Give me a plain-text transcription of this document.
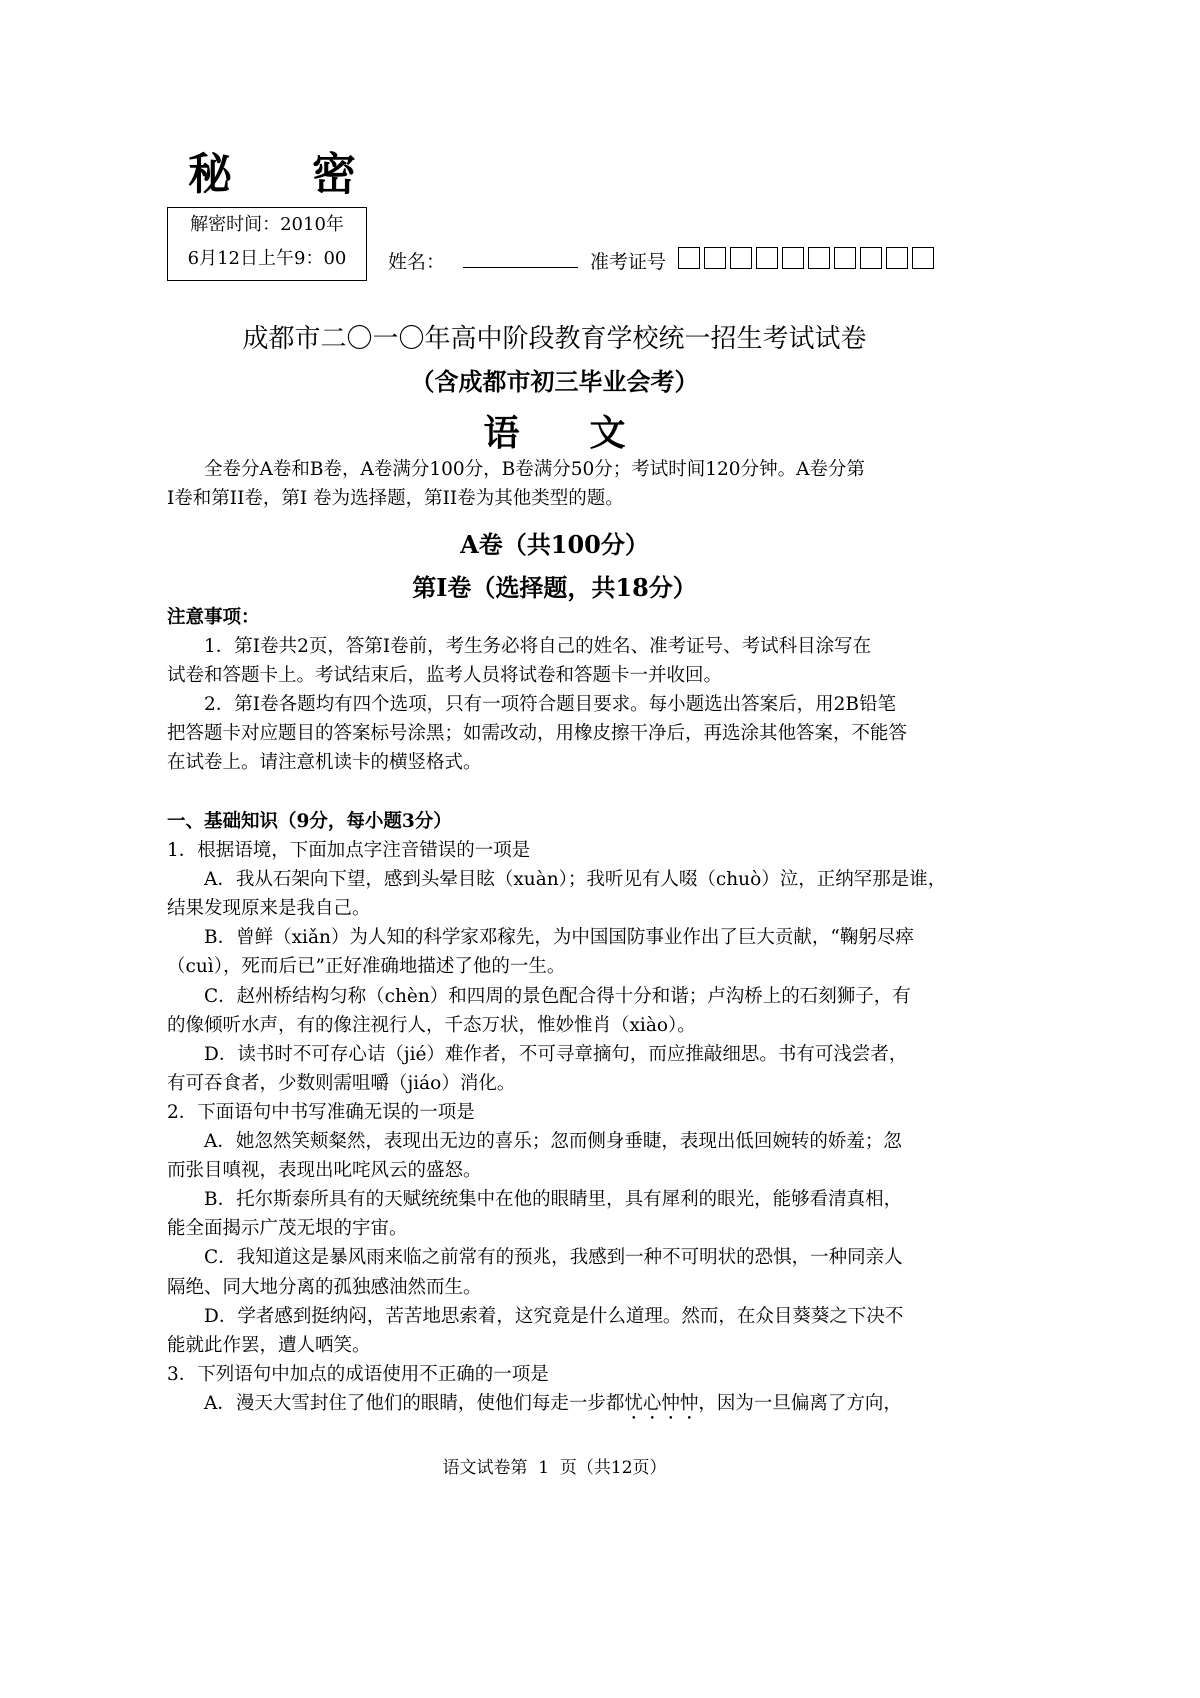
秘密
解密时间：2010年
6月12日上午9：00	姓名：	准考证号
成都市二〇一〇年高中阶段教育学校统一招生考试试卷
（含成都市初三毕业会考）
语文
全卷分A卷和B卷，A卷满分100分，B卷满分50分；考试时间120分钟。A卷分第
I卷和第II卷，第I 卷为选择题，第II卷为其他类型的题。
A卷（共100分）
第I卷（选择题，共18分）
注意事项：
1．第I卷共2页，答第I卷前，考生务必将自己的姓名、准考证号、考试科目涂写在
试卷和答题卡上。考试结束后，监考人员将试卷和答题卡一并收回。
2．第I卷各题均有四个选项，只有一项符合题目要求。每小题选出答案后，用2B铅笔
把答题卡对应题目的答案标号涂黑；如需改动，用橡皮擦干净后，再选涂其他答案，不能答
在试卷上。请注意机读卡的横竖格式。
一、基础知识（9分，每小题3分）
1．根据语境，下面加点字注音错误的一项是
A．我从石架向下望，感到头晕目眩（xuàn）；我听见有人啜（chuò）泣，正纳罕那是谁，
结果发现原来是我自己。
B．曾鲜（xiǎn）为人知的科学家邓稼先，为中国国防事业作出了巨大贡献，“鞠躬尽瘁
（cuì），死而后已”正好准确地描述了他的一生。
C．赵州桥结构匀称（chèn）和四周的景色配合得十分和谐；卢沟桥上的石刻狮子，有
的像倾听水声，有的像注视行人，千态万状，惟妙惟肖（xiào）。
D．读书时不可存心诘（jié）难作者，不可寻章摘句，而应推敲细思。书有可浅尝者，
有可吞食者，少数则需咀嚼（jiáo）消化。
2．下面语句中书写准确无误的一项是
A．她忽然笑颊粲然，表现出无边的喜乐；忽而侧身垂睫，表现出低回婉转的娇羞；忽
而张目嗔视，表现出叱咤风云的盛怒。
B．托尔斯泰所具有的天赋统统集中在他的眼睛里，具有犀利的眼光，能够看清真相，
能全面揭示广茂无垠的宇宙。
C．我知道这是暴风雨来临之前常有的预兆，我感到一种不可明状的恐惧，一种同亲人
隔绝、同大地分离的孤独感油然而生。
D．学者感到挺纳闷，苦苦地思索着，这究竟是什么道理。然而，在众目葵葵之下决不
能就此作罢，遭人哂笑。
3．下列语句中加点的成语使用不正确的一项是
A．漫天大雪封住了他们的眼睛，使他们每走一步都忧心忡忡，因为一旦偏离了方向，
语文试卷第  1  页（共12页）
